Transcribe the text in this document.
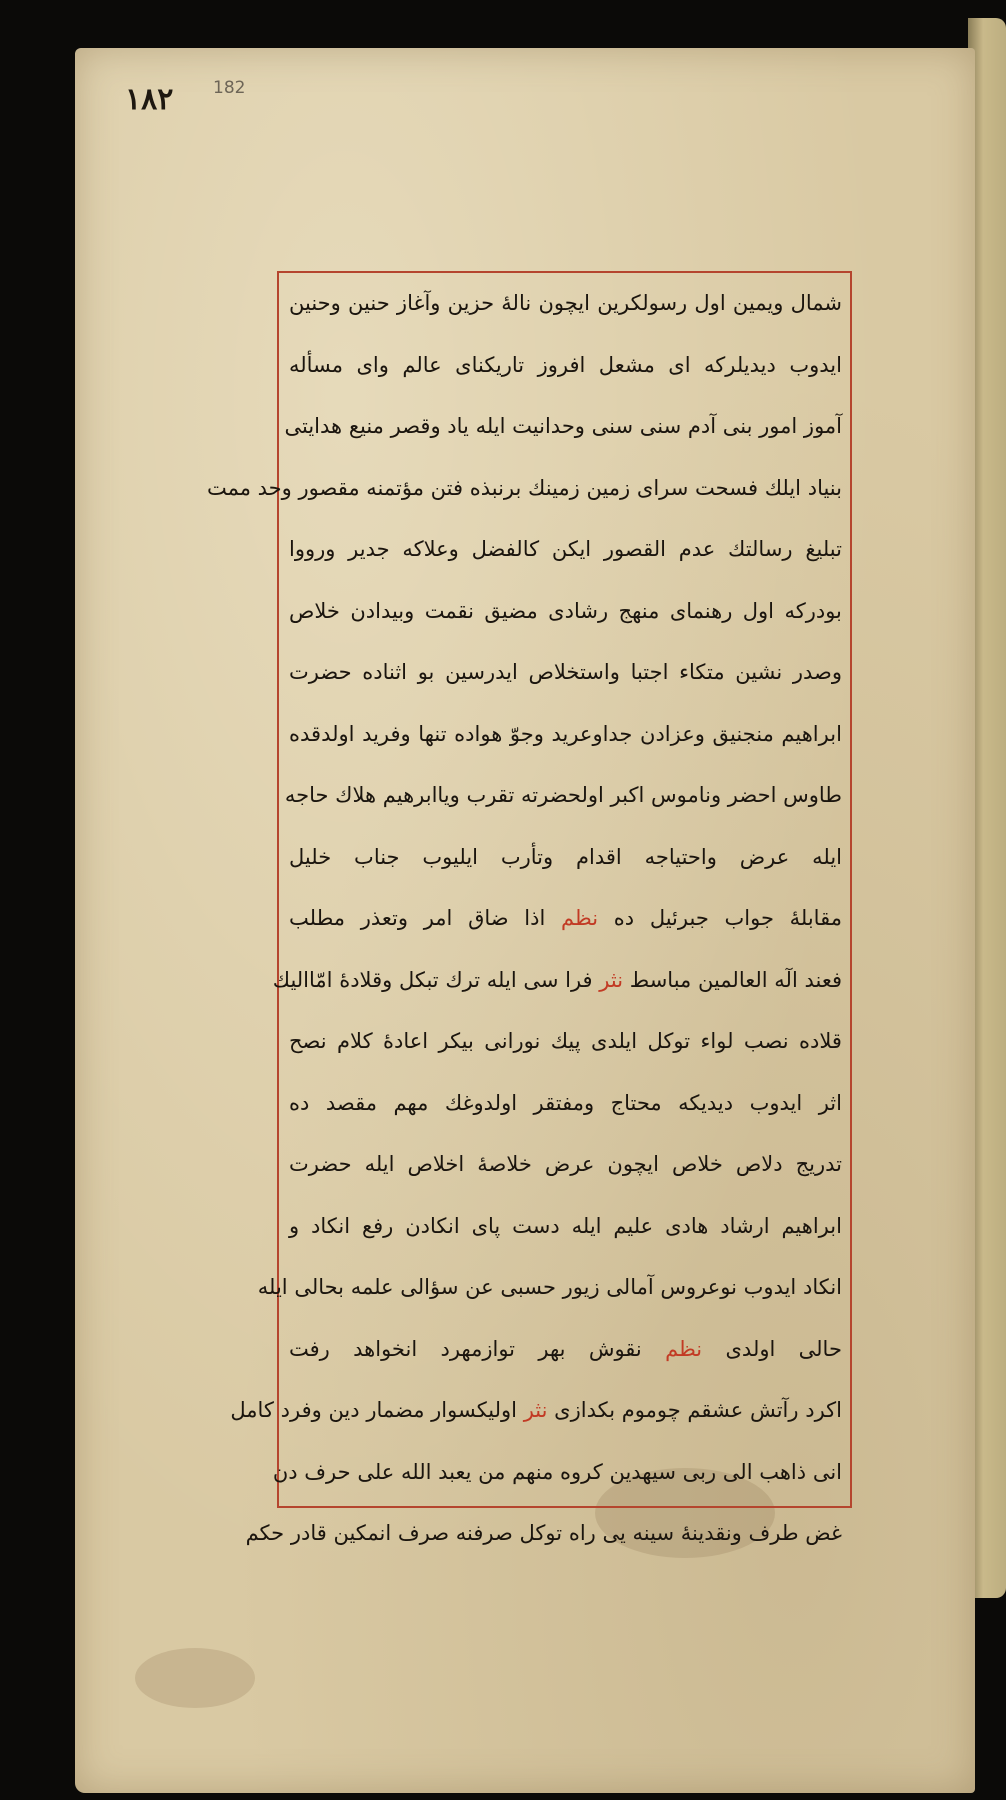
١٨٢ 182
شمال ويمين اول رسولكرين ايچون نالهٔ حزين وآغاز حنين وحنين
ايدوب ديديلركه اى مشعل افروز تاريكناى عالم واى مسأله
آموز امور بنى آدم سنى سنى وحدانيت ايله ياد وقصر منيع هدايتى
بنياد ايلك فسحت سراى زمين زمينك برنبذه فتن مؤتمنه مقصور وحد ممت
تبليغ رسالتك عدم القصور ايكن كالفضل وعلاكه جدير ورووا
بودركه اول رهنماى منهج رشادى مضيق نقمت وبيدادن خلاص
وصدر نشين متكاء اجتبا واستخلاص ايدرسين بو اثناده حضرت
ابراهيم منجنيق وعزادن جداوعريد وجوّ هواده تنها وفريد اولدقده
طاوس احضر وناموس اكبر اولحضرته تقرب وياابرهيم هلاك حاجه
ايله عرض واحتياجه اقدام وتأرب ايليوب جناب خليل
مقابلهٔ جواب جبرئيل ده نظم اذا ضاق امر وتعذر مطلب
فعند الٓه العالمين مباسط نثر فرا سى ايله ترك تبكل وقلادهٔ امّااليك
قلاده نصب لواء توكل ايلدى پيك نورانى بيكر اعادهٔ كلام نصح
اثر ايدوب ديديكه محتاج ومفتقر اولدوغك مهم مقصد ده
تدريج دلاص خلاص ايچون عرض خلاصهٔ اخلاص ايله حضرت
ابراهيم ارشاد هادى عليم ايله دست پاى انكادن رفع انكاد و
انكاد ايدوب نوعروس آمالى زيور حسبى عن سؤالى علمه بحالى ايله
حالى اولدى نظم نقوش بهر توازمهرد انخواهد رفت
اكرد رآتش عشقم چوموم بكدازى نثر اوليكسوار مضمار دين وفرد كامل
انى ذاهب الى ربى سيهدين كروه منهم من يعبد الله على حرف دن
غض طرف ونقدينهٔ سينه يى راه توكل صرفنه صرف انمكين قادر حكم
